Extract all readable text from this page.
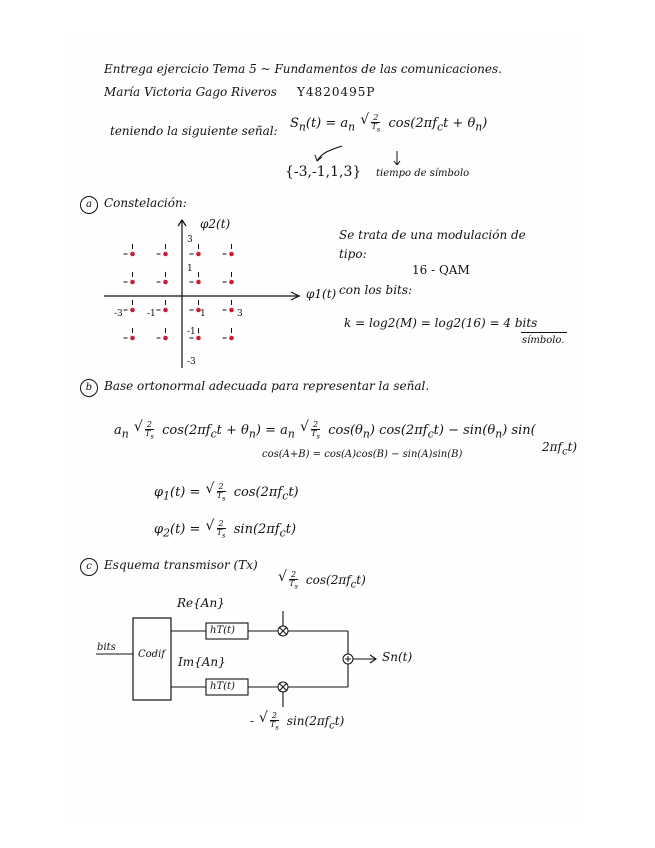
Entrega ejercicio Tema 5 ~ Fundamentos de las comunicaciones.
María Victoria Gago Riveros Y4820495P
teniendo la siguiente señal: $S_n(t) = a_n$ √ $\frac{2}{T_s} \cos(2\pi f_ct + \theta_n)$
{-3,-1,1,3} tiempo de símbolo
a	Constelación:
φ2(t)
φ1(t)
3
1
-1
-3
-3	-1	1	3
Se trata de una modulación de
tipo:
16 - QAM
con los bits:
k = log2(M) = log2(16) = 4 bits
símbolo.
b Base ortonormal adecuada para representar la señal.
$a_n$ √ $\frac{2}{T_s} \cos(2\pi f_ct + \theta_n) = a_n$ √ $\frac{2}{T_s} \cos(\theta_n) \cos(2\pi f_ct) - \sin(\theta_n)$ sin(
$2\pi f_ct$)
cos(A+B) = cos(A)cos(B) − sin(A)sin(B)
$\varphi_1(t)$ = √ $\frac{2}{T_s} \cos(2\pi f_ct)$
$\varphi_2(t)$ = √ $\frac{2}{T_s} \sin(2\pi f_ct)$
c	Esquema transmisor (Tx)
√ $\frac{2}{T_s} \cos(2\pi f_ct)$
Re{An}
Im{An}
bits
Codif
hT(t)
hT(t)
Sn(t)
- √ $\frac{2}{T_s} \sin(2\pi f_ct)$
